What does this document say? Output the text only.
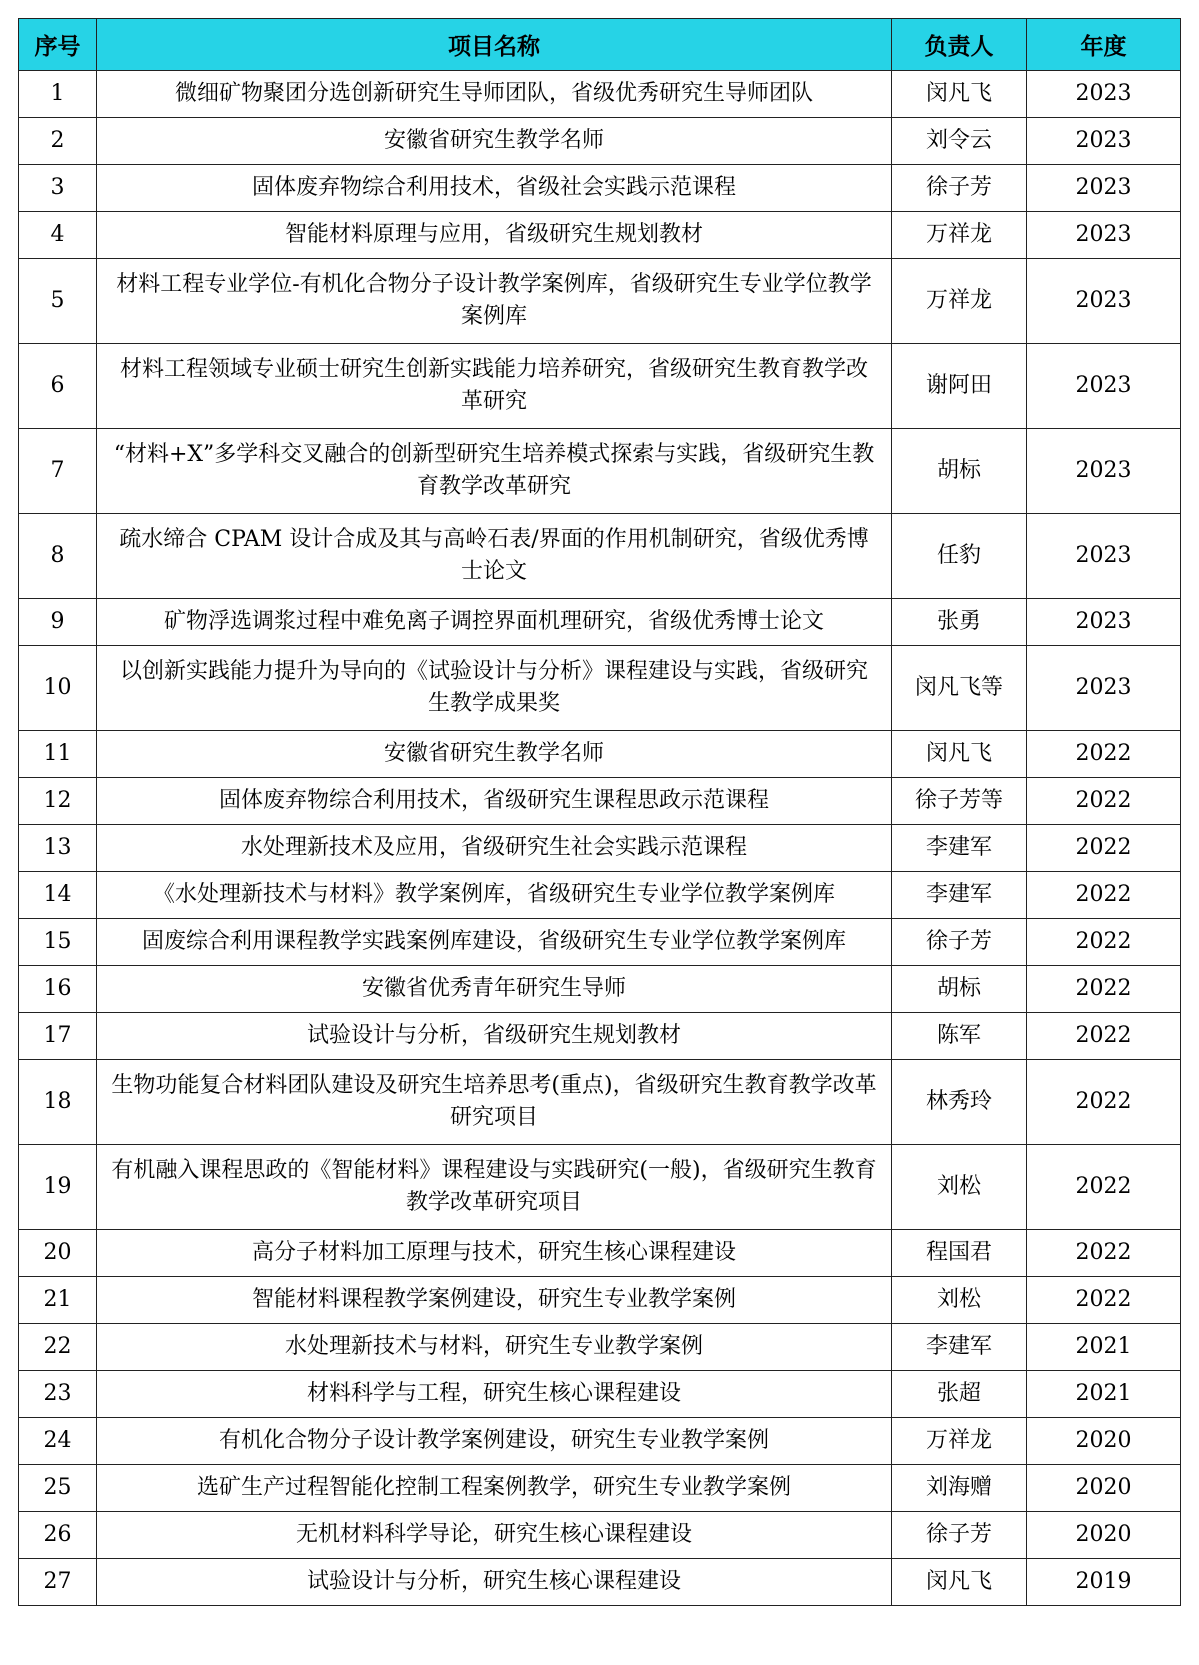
序号	项目名称	负责人	年度
1	微细矿物聚团分选创新研究生导师团队，省级优秀研究生导师团队	闵凡飞	2023
2	安徽省研究生教学名师	刘令云	2023
3	固体废弃物综合利用技术，省级社会实践示范课程	徐子芳	2023
4	智能材料原理与应用，省级研究生规划教材	万祥龙	2023
5	材料工程专业学位-有机化合物分子设计教学案例库，省级研究生专业学位教学案例库	万祥龙	2023
6	材料工程领域专业硕士研究生创新实践能力培养研究，省级研究生教育教学改革研究	谢阿田	2023
7	“材料+X”多学科交叉融合的创新型研究生培养模式探索与实践，省级研究生教育教学改革研究	胡标	2023
8	疏水缔合 CPAM 设计合成及其与高岭石表/界面的作用机制研究，省级优秀博士论文	任豹	2023
9	矿物浮选调浆过程中难免离子调控界面机理研究，省级优秀博士论文	张勇	2023
10	以创新实践能力提升为导向的《试验设计与分析》课程建设与实践，省级研究生教学成果奖	闵凡飞等	2023
11	安徽省研究生教学名师	闵凡飞	2022
12	固体废弃物综合利用技术，省级研究生课程思政示范课程	徐子芳等	2022
13	水处理新技术及应用，省级研究生社会实践示范课程	李建军	2022
14	《水处理新技术与材料》教学案例库，省级研究生专业学位教学案例库	李建军	2022
15	固废综合利用课程教学实践案例库建设，省级研究生专业学位教学案例库	徐子芳	2022
16	安徽省优秀青年研究生导师	胡标	2022
17	试验设计与分析，省级研究生规划教材	陈军	2022
18	生物功能复合材料团队建设及研究生培养思考(重点)，省级研究生教育教学改革研究项目	林秀玲	2022
19	有机融入课程思政的《智能材料》课程建设与实践研究(一般)，省级研究生教育教学改革研究项目	刘松	2022
20	高分子材料加工原理与技术，研究生核心课程建设	程国君	2022
21	智能材料课程教学案例建设，研究生专业教学案例	刘松	2022
22	水处理新技术与材料，研究生专业教学案例	李建军	2021
23	材料科学与工程，研究生核心课程建设	张超	2021
24	有机化合物分子设计教学案例建设，研究生专业教学案例	万祥龙	2020
25	选矿生产过程智能化控制工程案例教学，研究生专业教学案例	刘海赠	2020
26	无机材料科学导论，研究生核心课程建设	徐子芳	2020
27	试验设计与分析，研究生核心课程建设	闵凡飞	2019
